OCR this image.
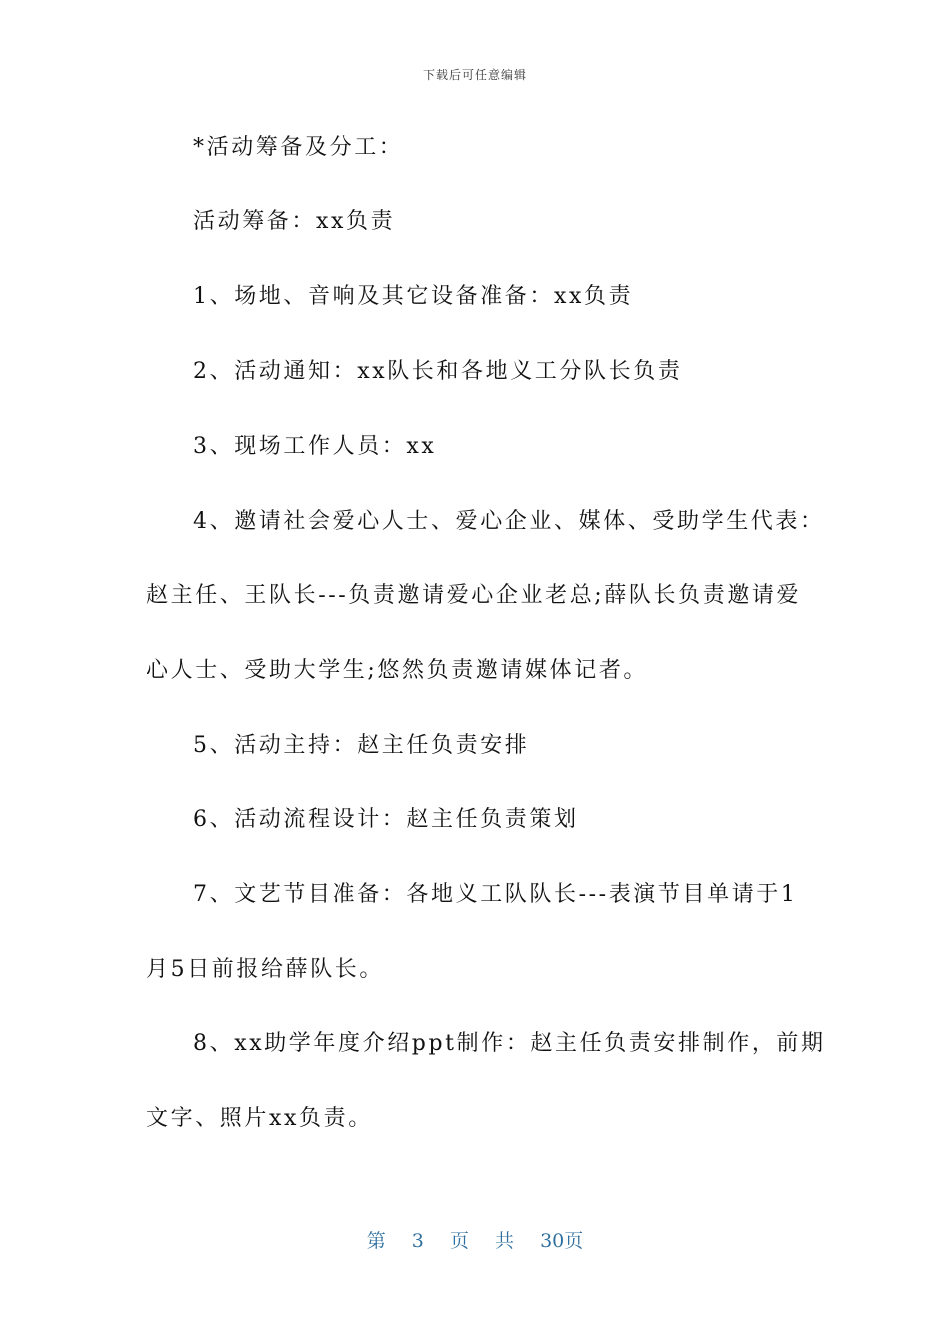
下载后可任意编辑
*活动筹备及分工：
活动筹备：xx负责
1、场地、音响及其它设备准备：xx负责
2、活动通知：xx队长和各地义工分队长负责
3、现场工作人员：xx
4、邀请社会爱心人士、爱心企业、媒体、受助学生代表：
赵主任、王队长---负责邀请爱心企业老总;薛队长负责邀请爱
心人士、受助大学生;悠然负责邀请媒体记者。
5、活动主持：赵主任负责安排
6、活动流程设计：赵主任负责策划
7、文艺节目准备：各地义工队队长---表演节目单请于1
月5日前报给薛队长。
8、xx助学年度介绍ppt制作：赵主任负责安排制作，前期
文字、照片xx负责。
第 3 页 共 30页
